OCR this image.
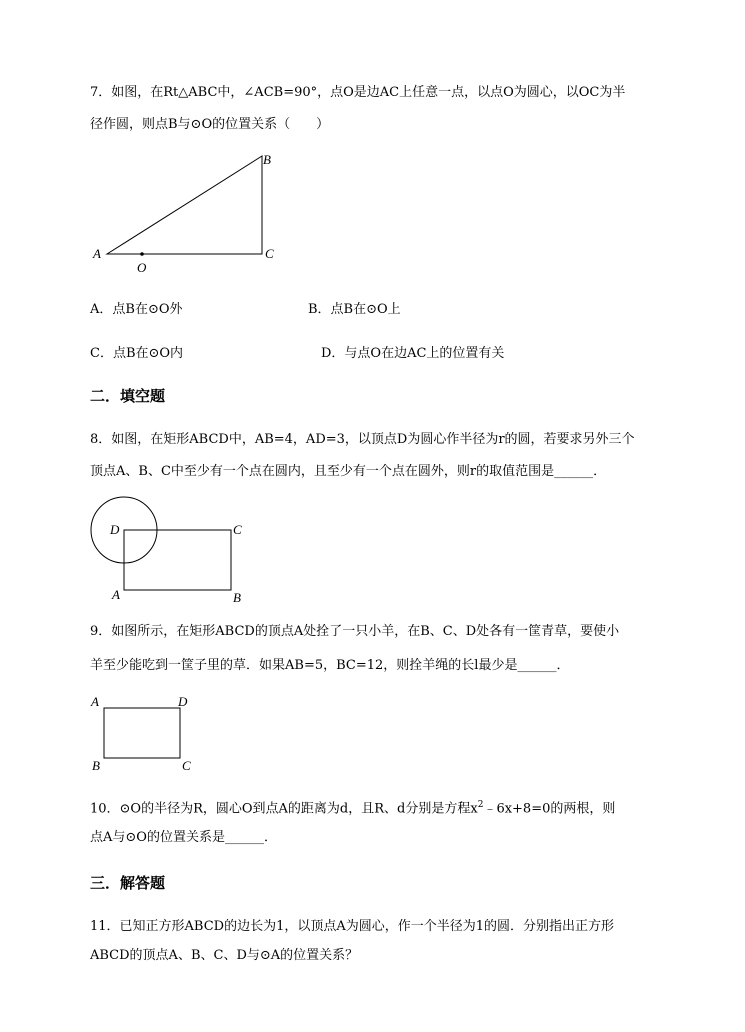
7．如图，在Rt△ABC中，∠ACB=90°，点O是边AC上任意一点，以点O为圆心，以OC为半
径作圆，则点B与⊙O的位置关系（　　）
A
B
C
O
A．点B在⊙O外	B．点B在⊙O上
C．点B在⊙O内	D．与点O在边AC上的位置有关
二．填空题
8．如图，在矩形ABCD中，AB=4，AD=3，以顶点D为圆心作半径为r的圆，若要求另外三个
顶点A、B、C中至少有一个点在圆内，且至少有一个点在圆外，则r的取值范围是______．
D	C
A	B
9．如图所示，在矩形ABCD的顶点A处拴了一只小羊，在B、C、D处各有一筐青草，要使小
羊至少能吃到一筐子里的草．如果AB=5，BC=12，则拴羊绳的长l最少是______．
A	D
B	C
10．⊙O的半径为R，圆心O到点A的距离为d，且R、d分别是方程$x^2﹣6x+8=0$的两根，则
点A与⊙O的位置关系是______．
三．解答题
11．已知正方形ABCD的边长为1，以顶点A为圆心，作一个半径为1的圆．分别指出正方形
ABCD的顶点A、B、C、D与⊙A的位置关系？
